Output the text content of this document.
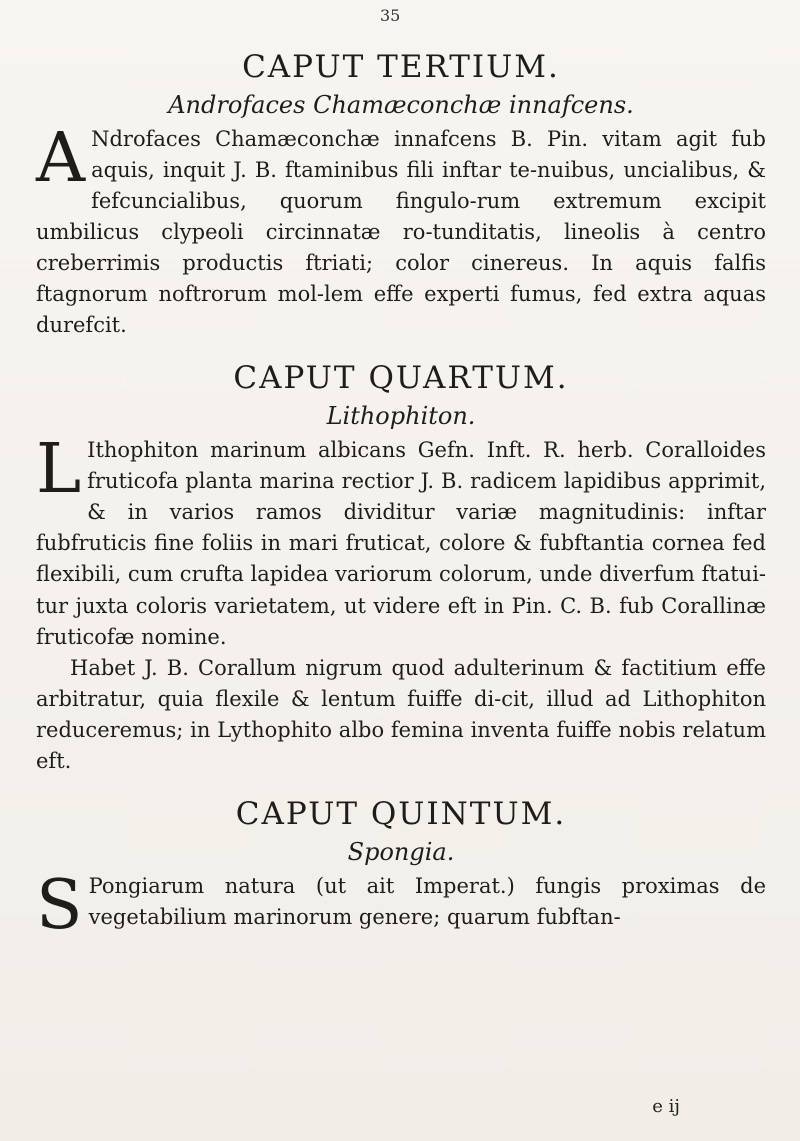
35
CAPUT TERTIUM.
Androfaces Chamæconchæ innafcens.

A Ndrofaces Chamæconchæ innafcens B. Pin. vitam agit fub aquis, inquit J. B. ftaminibus fili inftar te-nuibus, uncialibus, & fefcuncialibus, quorum fingulo-rum extremum excipit umbilicus clypeoli circinnatæ ro-tunditatis, lineolis à centro creberrimis productis ftriati; color cinereus. In aquis falfis ftagnorum noftrorum mol-lem effe experti fumus, fed extra aquas durefcit.

CAPUT QUARTUM.
Lithophiton.

L Ithophiton marinum albicans Gefn. Inft. R. herb. Coralloides fruticofa planta marina rectior J. B. radicem lapidibus apprimit, & in varios ramos dividitur variæ magnitudinis: inftar fubfruticis fine foliis in mari fruticat, colore & fubftantia cornea fed flexibili, cum crufta lapidea variorum colorum, unde diverfum ftatui-tur juxta coloris varietatem, ut videre eft in Pin. C. B. fub Corallinæ fruticofæ nomine.

Habet J. B. Corallum nigrum quod adulterinum & factitium effe arbitratur, quia flexile & lentum fuiffe di-cit, illud ad Lithophiton reduceremus; in Lythophito albo femina inventa fuiffe nobis relatum eft.

CAPUT QUINTUM.
Spongia.

S Pongiarum natura (ut ait Imperat.) fungis proximas de vegetabilium marinorum genere; quarum fubftan-

e ij
